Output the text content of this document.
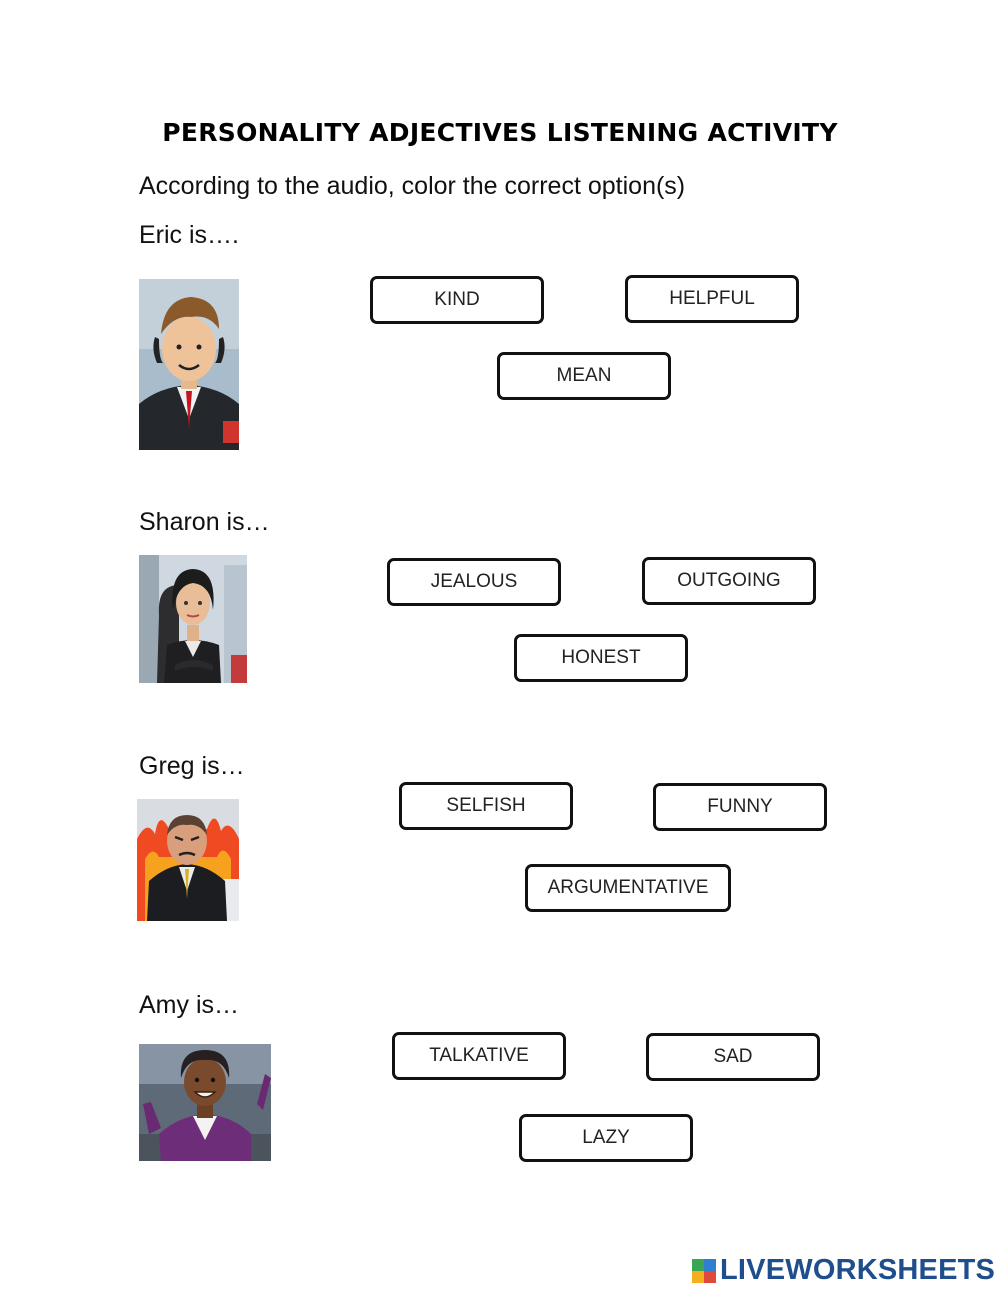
PERSONALITY ADJECTIVES LISTENING ACTIVITY
According to the audio, color the correct option(s)
Eric is….
KIND	HELPFUL
MEAN
Sharon is…
JEALOUS	OUTGOING
HONEST
Greg is…
SELFISH	FUNNY
ARGUMENTATIVE
Amy is…
TALKATIVE	SAD
LAZY
LIVEWORKSHEETS
